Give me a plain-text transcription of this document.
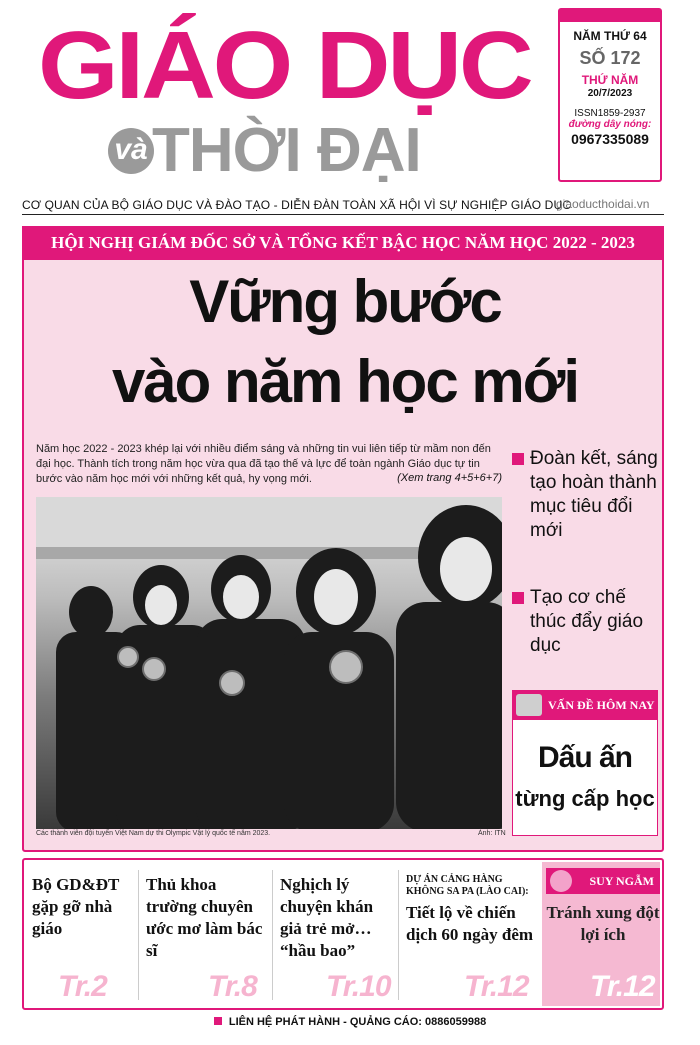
GIÁO DỤC
và THỜI ĐẠI
NĂM THỨ 64
SỐ 172
THỨ NĂM
20/7/2023
ISSN1859-2937
đường dây nóng:
0967335089
CƠ QUAN CỦA BỘ GIÁO DỤC VÀ ĐÀO TẠO - DIỄN ĐÀN TOÀN XÃ HỘI VÌ SỰ NGHIỆP GIÁO DỤC
giaoducthoidai.vn
HỘI NGHỊ GIÁM ĐỐC SỞ VÀ TỔNG KẾT BẬC HỌC NĂM HỌC 2022 - 2023
Vững bước
vào năm học mới
Năm học 2022 - 2023 khép lại với nhiều điểm sáng và những tin vui liên tiếp từ mầm non đến đại học. Thành tích trong năm học vừa qua đã tạo thế và lực để toàn ngành Giáo dục tự tin bước vào năm học mới với những kết quả, hy vọng mới.	(Xem trang 4+5+6+7)
Các thành viên đội tuyển Việt Nam dự thi Olympic Vật lý quốc tế năm 2023.	Ảnh: ITN
Đoàn kết, sáng tạo hoàn thành mục tiêu đổi mới
Tạo cơ chế thúc đẩy giáo dục
VẤN ĐỀ HÔM NAY
Dấu ấn
từng cấp học
Bộ GD&ĐT gặp gỡ nhà giáo
Tr.2
Thủ khoa trường chuyên ước mơ làm bác sĩ
Tr.8
Nghịch lý chuyện khán giả trẻ mở… “hầu bao”
Tr.10
DỰ ÁN CẢNG HÀNG KHÔNG SA PA (LÀO CAI):
Tiết lộ về chiến dịch 60 ngày đêm
Tr.12
SUY NGẪM
Tránh xung đột lợi ích
Tr.12
LIÊN HỆ PHÁT HÀNH - QUẢNG CÁO: 0886059988
